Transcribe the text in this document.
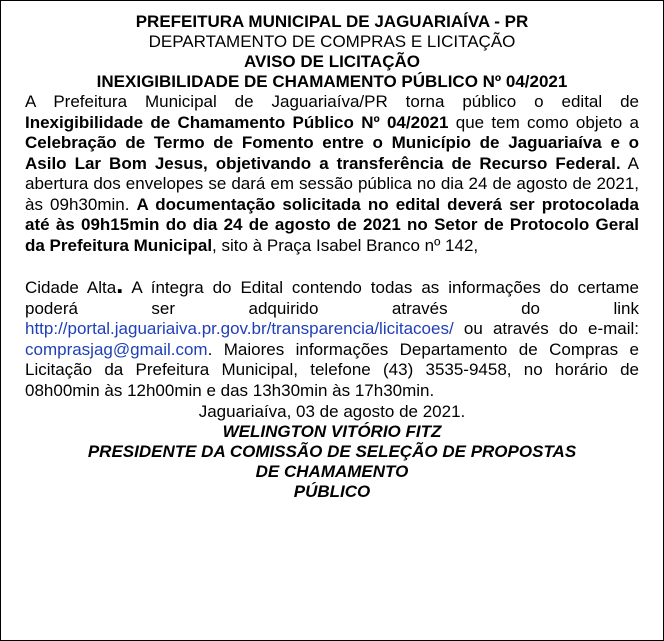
PREFEITURA MUNICIPAL DE JAGUARIAÍVA - PR
DEPARTAMENTO DE COMPRAS E LICITAÇÃO
AVISO DE LICITAÇÃO
INEXIGIBILIDADE DE CHAMAMENTO PÚBLICO Nº 04/2021

A Prefeitura Municipal de Jaguariaíva/PR torna público o edital de Inexigibilidade de Chamamento Público Nº 04/2021 que tem como objeto a Celebração de Termo de Fomento entre o Município de Jaguariaíva e o Asilo Lar Bom Jesus, objetivando a transferência de Recurso Federal. A abertura dos envelopes se dará em sessão pública no dia 24 de agosto de 2021, às 09h30min. A documentação solicitada no edital deverá ser protocolada até às 09h15min do dia 24 de agosto de 2021 no Setor de Protocolo Geral da Prefeitura Municipal, sito à Praça Isabel Branco nº 142,

Cidade Alta. A íntegra do Edital contendo todas as informações do certame poderá ser adquirido através do link http://portal.jaguariaiva.pr.gov.br/transparencia/licitacoes/ ou através do e-mail: comprasjag@gmail.com. Maiores informações Departamento de Compras e Licitação da Prefeitura Municipal, telefone (43) 3535-9458, no horário de 08h00min às 12h00min e das 13h30min às 17h30min.

Jaguariaíva, 03 de agosto de 2021.
WELINGTON VITÓRIO FITZ
PRESIDENTE DA COMISSÃO DE SELEÇÃO DE PROPOSTAS
DE CHAMAMENTO
PÚBLICO
